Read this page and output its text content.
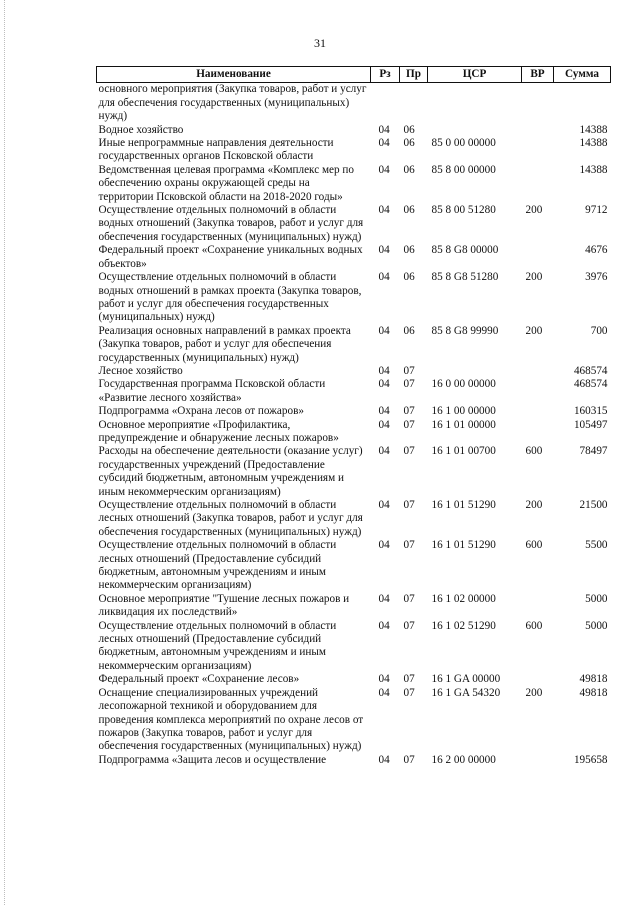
31
Наименование	Рз	Пр	ЦСР	ВР	Сумма
основного мероприятия (Закупка товаров, работ и услуг для обеспечения государственных (муниципальных) нужд)					
Водное хозяйство	04	06			14388
Иные непрограммные направления деятельности государственных органов Псковской области	04	06	85 0 00 00000		14388
Ведомственная целевая программа «Комплекс мер по обеспечению охраны окружающей среды на территории Псковской области на 2018-2020 годы»	04	06	85 8 00 00000		14388
Осуществление отдельных полномочий в области водных отношений (Закупка товаров, работ и услуг для обеспечения государственных (муниципальных) нужд)	04	06	85 8 00 51280	200	9712
Федеральный проект «Сохранение уникальных водных объектов»	04	06	85 8 G8 00000		4676
Осуществление отдельных полномочий в области водных отношений в рамках проекта (Закупка товаров, работ и услуг для обеспечения государственных (муниципальных) нужд)	04	06	85 8 G8 51280	200	3976
Реализация основных направлений в рамках проекта (Закупка товаров, работ и услуг для обеспечения государственных (муниципальных) нужд)	04	06	85 8 G8 99990	200	700
Лесное хозяйство	04	07			468574
Государственная программа Псковской области «Развитие лесного хозяйства»	04	07	16 0 00 00000		468574
Подпрограмма «Охрана лесов от пожаров»	04	07	16 1 00 00000		160315
Основное мероприятие «Профилактика, предупреждение и обнаружение лесных пожаров»	04	07	16 1 01 00000		105497
Расходы на обеспечение деятельности (оказание услуг) государственных учреждений (Предоставление субсидий бюджетным, автономным учреждениям и иным некоммерческим организациям)	04	07	16 1 01 00700	600	78497
Осуществление отдельных полномочий в области лесных отношений (Закупка товаров, работ и услуг для обеспечения государственных (муниципальных) нужд)	04	07	16 1 01 51290	200	21500
Осуществление отдельных полномочий в области лесных отношений (Предоставление субсидий бюджетным, автономным учреждениям и иным некоммерческим организациям)	04	07	16 1 01 51290	600	5500
Основное мероприятие "Тушение лесных пожаров и ликвидация их последствий»	04	07	16 1 02 00000		5000
Осуществление отдельных полномочий в области лесных отношений (Предоставление субсидий бюджетным, автономным учреждениям и иным некоммерческим организациям)	04	07	16 1 02 51290	600	5000
Федеральный проект «Сохранение лесов»	04	07	16 1 GA 00000		49818
Оснащение специализированных учреждений лесопожарной техникой и оборудованием для проведения комплекса мероприятий по охране лесов от пожаров (Закупка товаров, работ и услуг для обеспечения государственных (муниципальных) нужд)	04	07	16 1 GA 54320	200	49818
Подпрограмма «Защита лесов и осуществление	04	07	16 2 00 00000		195658
